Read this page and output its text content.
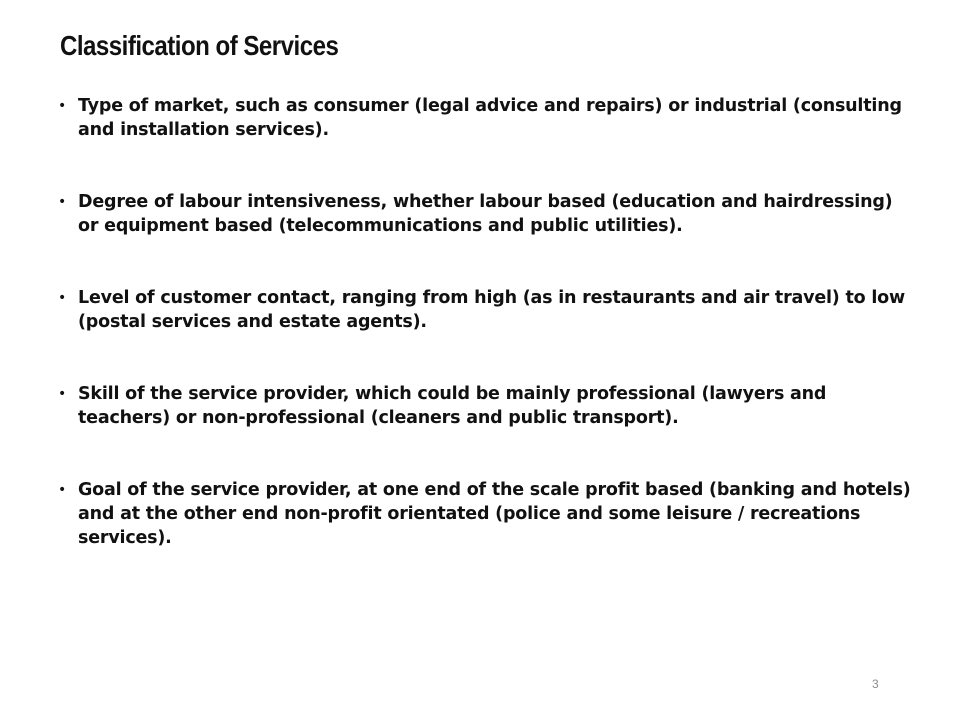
Classification of Services
• Type of market, such as consumer (legal advice and repairs) or industrial (consulting and installation services).
• Degree of labour intensiveness, whether labour based (education and hairdressing) or equipment based (telecommunications and public utilities).
• Level of customer contact, ranging from high (as in restaurants and air travel) to low (postal services and estate agents).
• Skill of the service provider, which could be mainly professional (lawyers and teachers) or non-professional (cleaners and public transport).
• Goal of the service provider, at one end of the scale profit based (banking and hotels) and at the other end non-profit orientated (police and some leisure / recreations services).
3
